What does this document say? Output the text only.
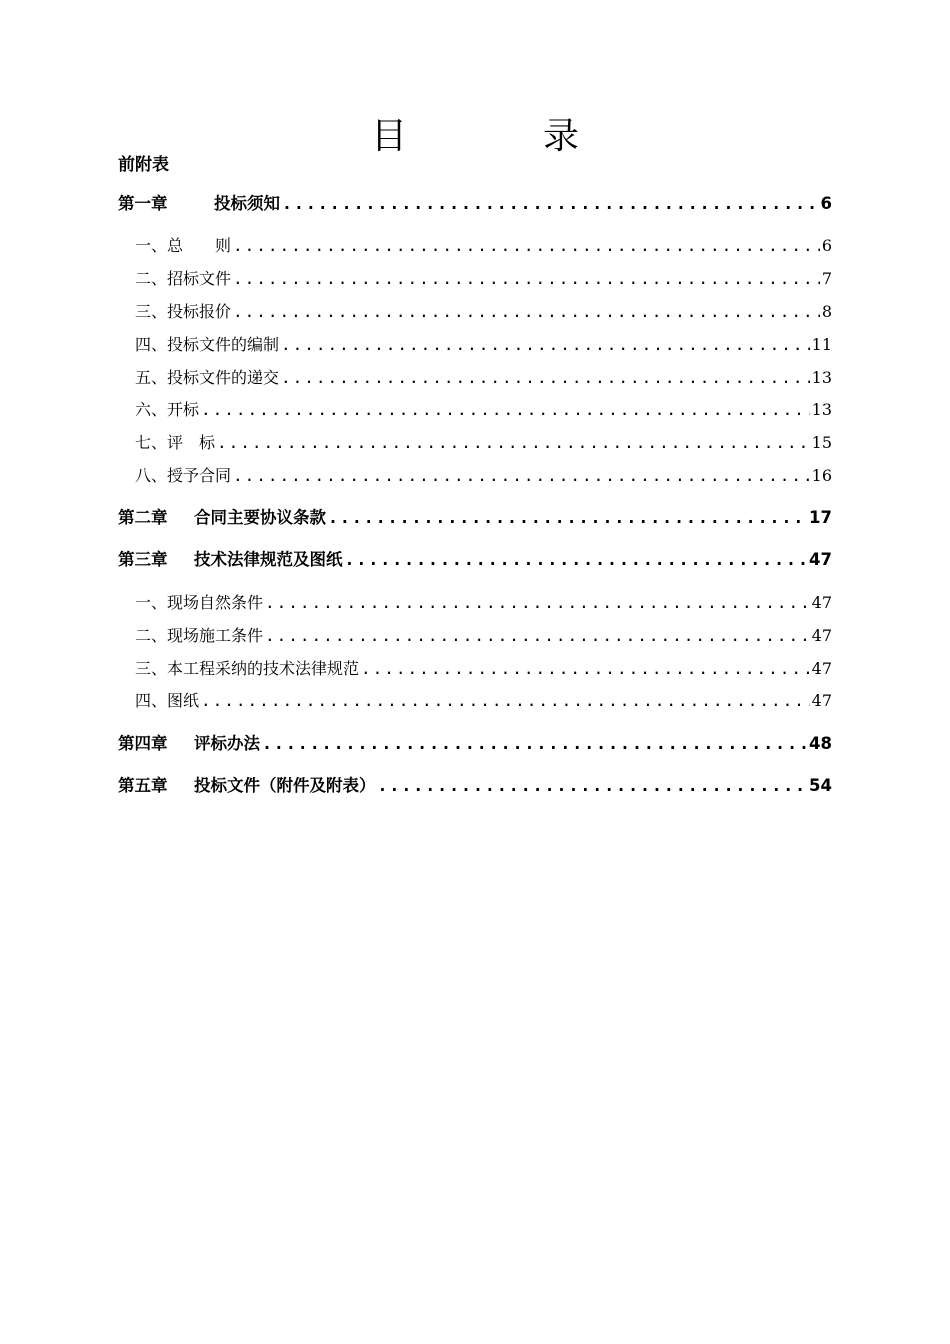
目　录
前附表
第一章	投标须知 .....	6
一、总　　则 .....	6
二、招标文件 .....	7
三、投标报价 .....	8
四、投标文件的编制 .....	11
五、投标文件的递交 .....	13
六、开标 .....	13
七、评　标 .....	15
八、授予合同 .....	16
第二章 合同主要协议条款 .....	17
第三章 技术法律规范及图纸 .....	47
一、现场自然条件 .....	47
二、现场施工条件 .....	47
三、本工程采纳的技术法律规范 .....	47
四、图纸 .....	47
第四章 评标办法 .....	48
第五章 投标文件（附件及附表） .....	54
